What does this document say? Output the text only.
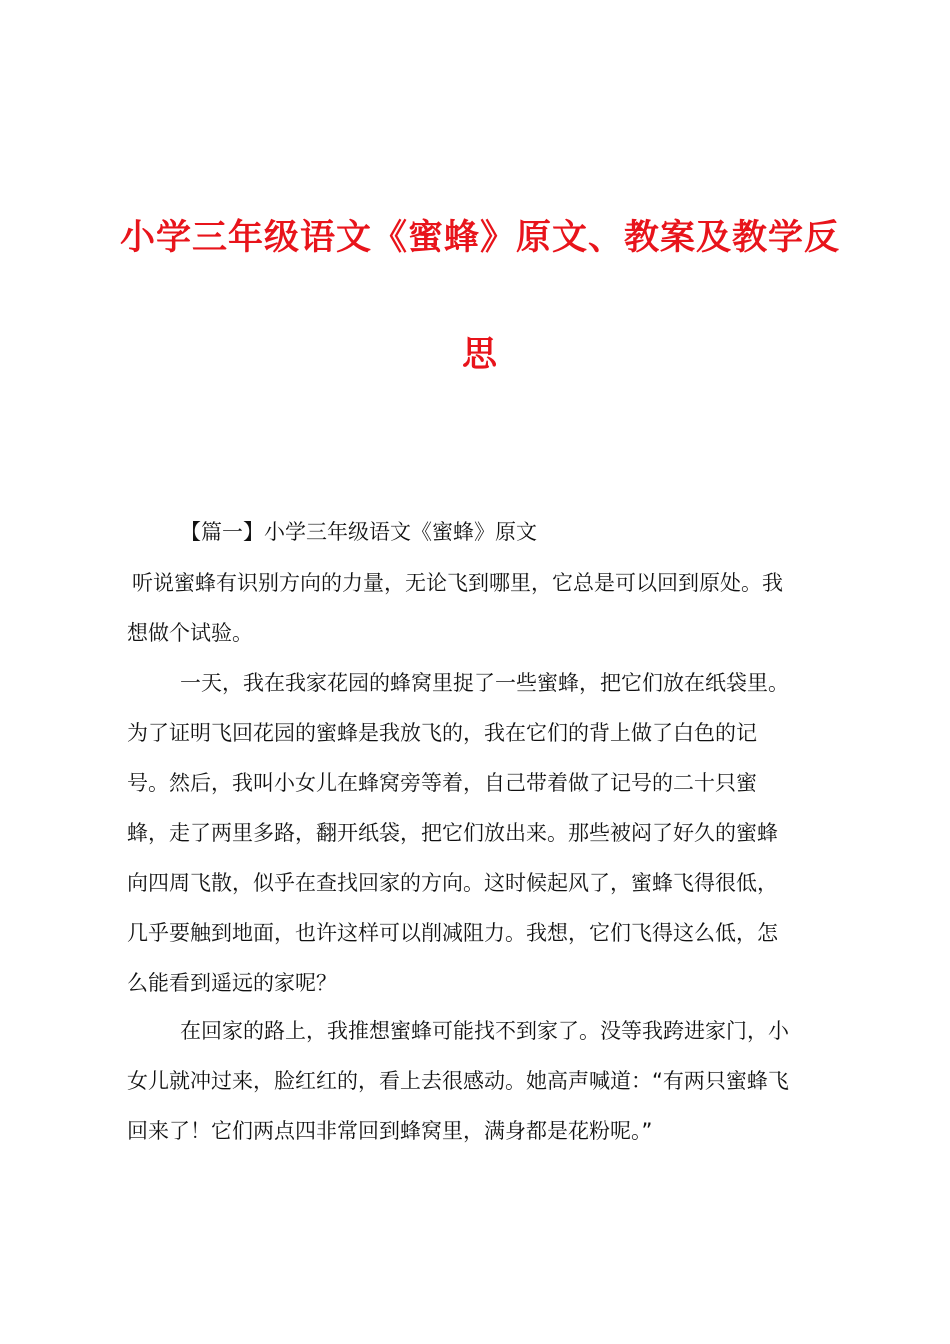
小学三年级语文《蜜蜂》原文、教案及教学反
思
【篇一】小学三年级语文《蜜蜂》原文
听说蜜蜂有识别方向的力量，无论飞到哪里，它总是可以回到原处。我
想做个试验。
一天，我在我家花园的蜂窝里捉了一些蜜蜂，把它们放在纸袋里。
为了证明飞回花园的蜜蜂是我放飞的，我在它们的背上做了白色的记
号。然后，我叫小女儿在蜂窝旁等着，自己带着做了记号的二十只蜜
蜂，走了两里多路，翻开纸袋，把它们放出来。那些被闷了好久的蜜蜂
向四周飞散，似乎在查找回家的方向。这时候起风了，蜜蜂飞得很低，
几乎要触到地面，也许这样可以削减阻力。我想，它们飞得这么低，怎
么能看到遥远的家呢？
在回家的路上，我推想蜜蜂可能找不到家了。没等我跨进家门，小
女儿就冲过来，脸红红的，看上去很感动。她高声喊道：“有两只蜜蜂飞
回来了！它们两点四非常回到蜂窝里，满身都是花粉呢。”
